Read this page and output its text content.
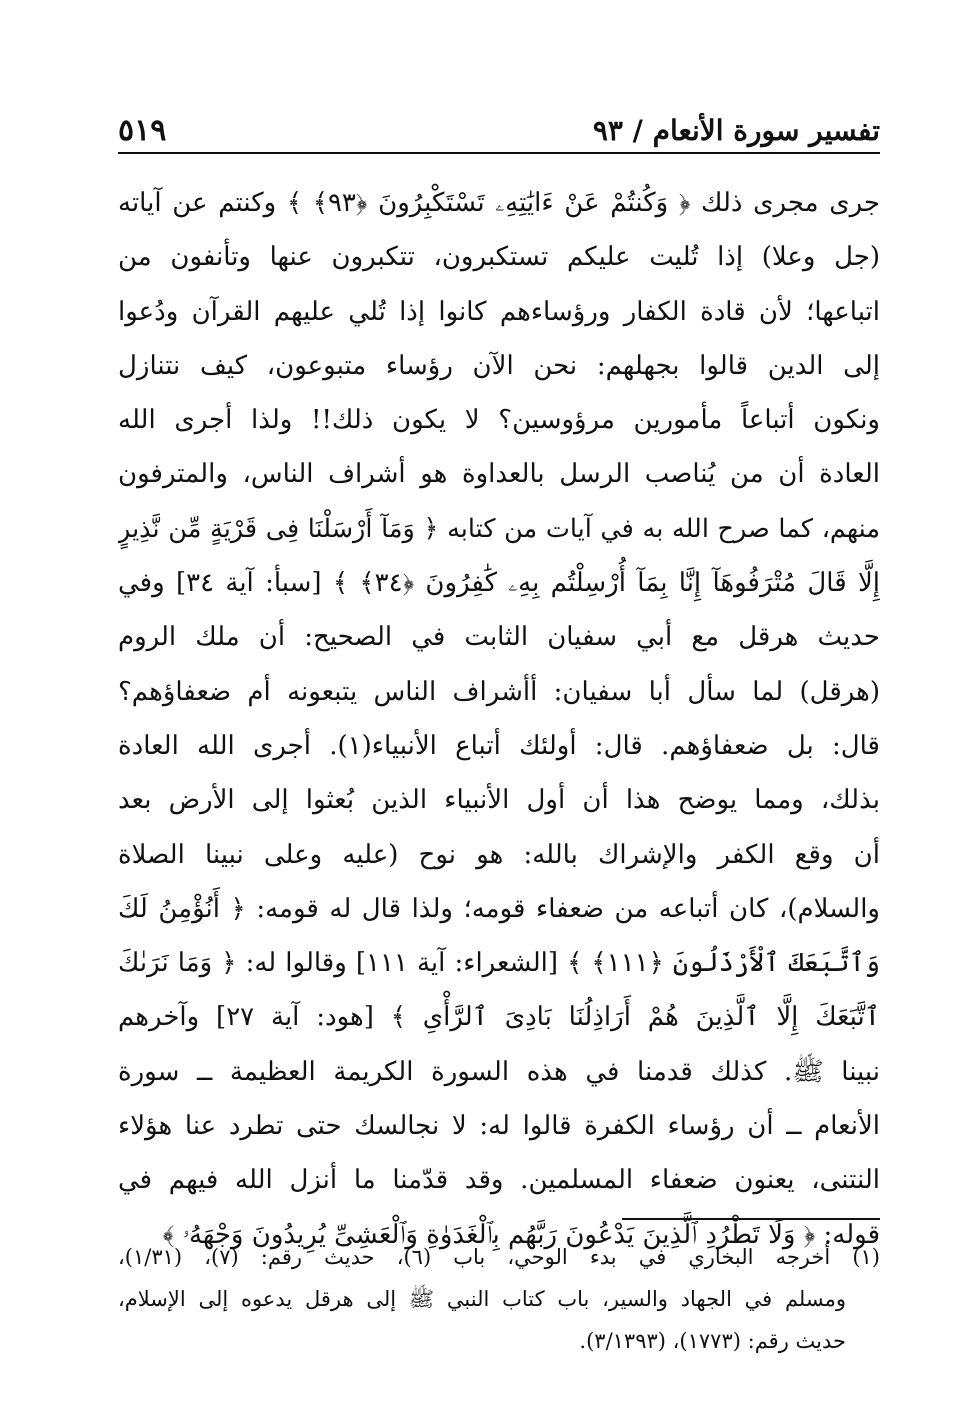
تفسير سورة الأنعام / ٩٣
٥١٩
جرى مجرى ذلك ﴿ وَكُنتُمْ عَنْ ءَايَٰتِهِۦ تَسْتَكْبِرُونَ ﴿٩٣﴾ ﴾ وكنتم عن آياته
(جل وعلا) إذا تُليت عليكم تستكبرون، تتكبرون عنها وتأنفون من
اتباعها؛ لأن قادة الكفار ورؤساءهم كانوا إذا تُلي عليهم القرآن ودُعوا
إلى الدين قالوا بجهلهم: نحن الآن رؤساء متبوعون، كيف نتنازل
ونكون أتباعاً مأمورين مرؤوسين؟ لا يكون ذلك!! ولذا أجرى الله
العادة أن من يُناصب الرسل بالعداوة هو أشراف الناس، والمترفون
منهم، كما صرح الله به في آيات من كتابه ﴿ وَمَآ أَرْسَلْنَا فِى قَرْيَةٍ مِّن نَّذِيرٍ
إِلَّا قَالَ مُتْرَفُوهَآ إِنَّا بِمَآ أُرْسِلْتُم بِهِۦ كَٰفِرُونَ ﴿٣٤﴾ ﴾ [سبأ: آية ٣٤] وفي
حديث هرقل مع أبي سفيان الثابت في الصحيح: أن ملك الروم
(هرقل) لما سأل أبا سفيان: أأشراف الناس يتبعونه أم ضعفاؤهم؟
قال: بل ضعفاؤهم. قال: أولئك أتباع الأنبياء(١). أجرى الله العادة
بذلك، ومما يوضح هذا أن أول الأنبياء الذين بُعثوا إلى الأرض بعد
أن وقع الكفر والإشراك بالله: هو نوح (عليه وعلى نبينا الصلاة
والسلام)، كان أتباعه من ضعفاء قومه؛ ولذا قال له قومه: ﴿ أَنُؤْمِنُ لَكَ
وَٱتَّبَعَكَ ٱلْأَرْذَلُونَ ﴿١١١﴾ ﴾ [الشعراء: آية ١١١] وقالوا له: ﴿ وَمَا نَرَىٰكَ
ٱتَّبَعَكَ إِلَّا ٱلَّذِينَ هُمْ أَرَاذِلُنَا بَادِىَ ٱلرَّأْىِ ﴾ [هود: آية ٢٧] وآخرهم
نبينا ﷺ. كذلك قدمنا في هذه السورة الكريمة العظيمة ــ سورة
الأنعام ــ أن رؤساء الكفرة قالوا له: لا نجالسك حتى تطرد عنا هؤلاء
النتنى، يعنون ضعفاء المسلمين. وقد قدّمنا ما أنزل الله فيهم في
قوله: ﴿ وَلَا تَطْرُدِ ٱلَّذِينَ يَدْعُونَ رَبَّهُم بِٱلْغَدَوٰةِ وَٱلْعَشِىِّ يُرِيدُونَ وَجْهَهُۥ ﴾
(١) أخرجه البخاري في بدء الوحي، باب (٦)، حديث رقم: (٧)، (١/٣١)،
ومسلم في الجهاد والسير، باب كتاب النبي ﷺ إلى هرقل يدعوه إلى الإسلام،
حديث رقم: (١٧٧٣)، (٣/١٣٩٣).
